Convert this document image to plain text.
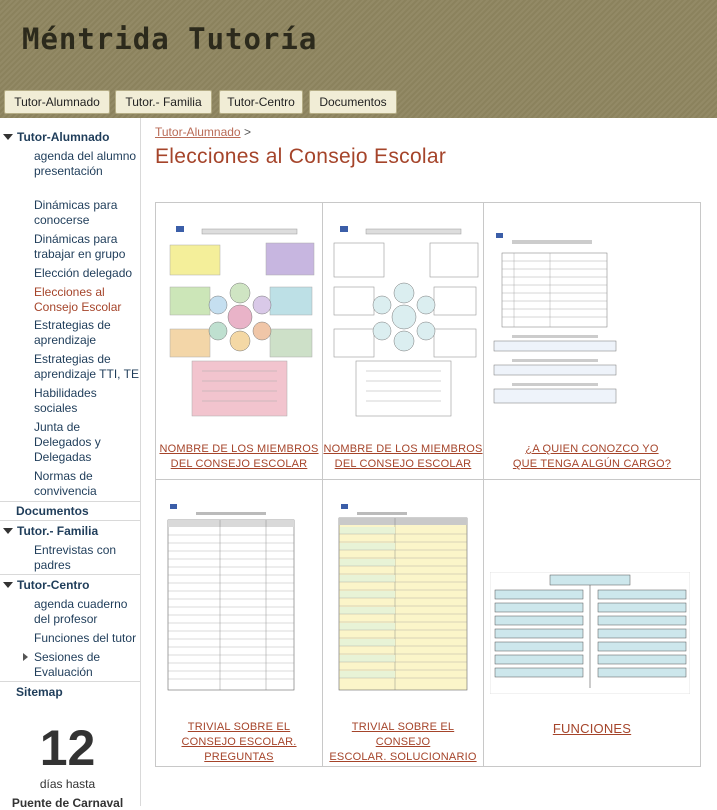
Méntrida Tutoría
Tutor-Alumnado	Tutor.- Familia	Tutor-Centro	Documentos
Tutor-Alumnado
agenda del alumno presentación
Dinámicas para conocerse
Dinámicas para trabajar en grupo
Elección delegado
Elecciones al Consejo Escolar
Estrategias de aprendizaje
Estrategias de aprendizaje TTI, TE
Habilidades sociales
Junta de Delegados y Delegadas
Normas de convivencia
Documentos
Tutor.- Familia
Entrevistas con padres
Tutor-Centro
agenda cuaderno del profesor
Funciones del tutor
Sesiones de Evaluación
Sitemap
12
días hasta
Puente de Carnaval
Tutor-Alumnado >
Elecciones al Consejo Escolar
NOMBRE DE LOS MIEMBROS
DEL CONSEJO ESCOLAR
NOMBRE DE LOS MIEMBROS
DEL CONSEJO ESCOLAR
¿A QUIEN CONOZCO YO
QUE TENGA ALGÚN CARGO?
TRIVIAL SOBRE EL
CONSEJO ESCOLAR.
PREGUNTAS
TRIVIAL SOBRE EL
CONSEJO
ESCOLAR. SOLUCIONARIO
FUNCIONES
